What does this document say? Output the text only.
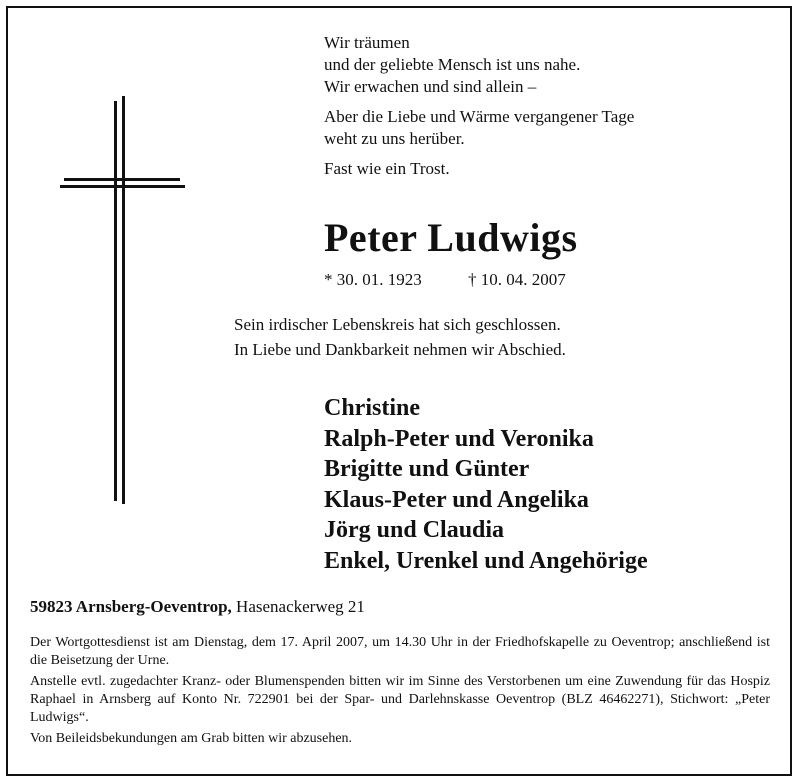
Wir träumen

und der geliebte Mensch ist uns nahe.

Wir erwachen und sind allein –

Aber die Liebe und Wärme vergangener Tage

weht zu uns herüber.

Fast wie ein Trost.

Peter Ludwigs
* 30. 01. 1923	† 10. 04. 2007

Sein irdischer Lebenskreis hat sich geschlossen.

In Liebe und Dankbarkeit nehmen wir Abschied.

Christine

Ralph-Peter und Veronika

Brigitte und Günter

Klaus-Peter und Angelika

Jörg und Claudia

Enkel, Urenkel und Angehörige

59823 Arnsberg-Oeventrop, Hasenackerweg 21

Der Wortgottesdienst ist am Dienstag, dem 17. April 2007, um 14.30 Uhr in der Friedhofskapelle zu Oeventrop; anschließend ist die Beisetzung der Urne.

Anstelle evtl. zugedachter Kranz- oder Blumenspenden bitten wir im Sinne des Verstorbenen um eine Zuwendung für das Hospiz Raphael in Arnsberg auf Konto Nr. 722901 bei der Spar- und Darlehnskasse Oeventrop (BLZ 46462271), Stichwort: „Peter Ludwigs“.

Von Beileidsbekundungen am Grab bitten wir abzusehen.
